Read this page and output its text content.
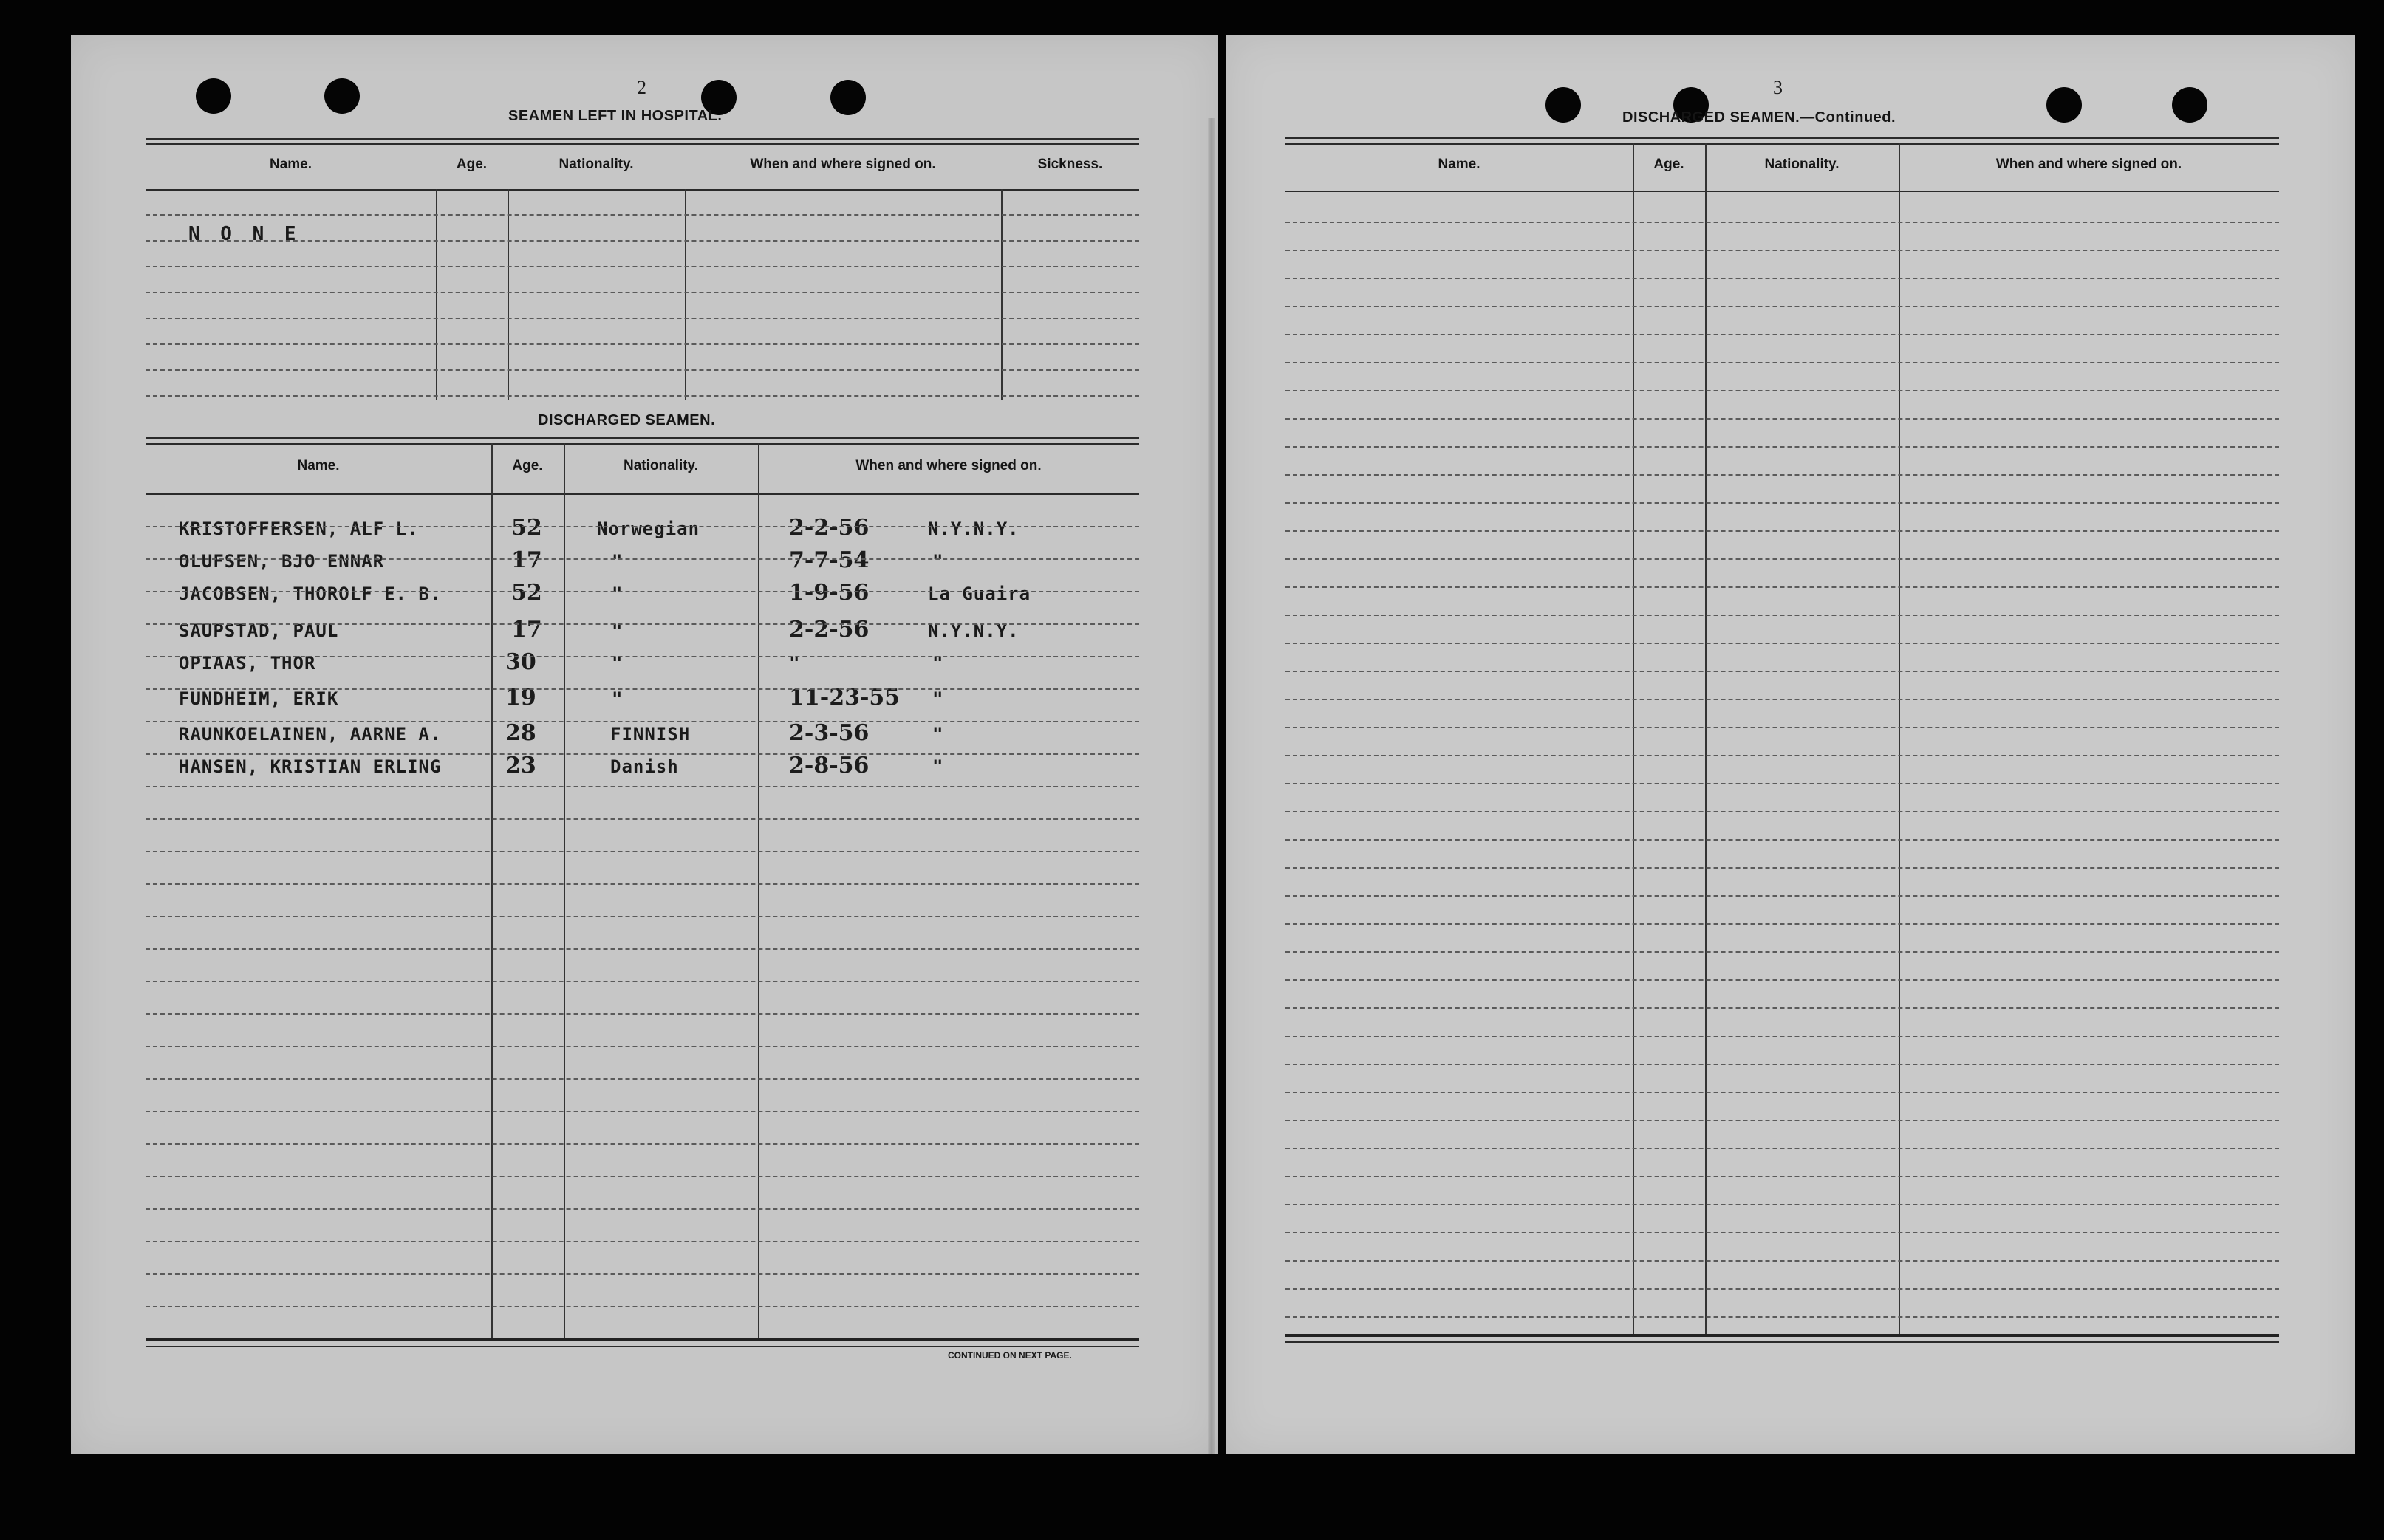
2
SEAMEN LEFT IN HOSPITAL.
Name.	Age.	Nationality.	When and where signed on.	Sickness.
N O N E
DISCHARGED SEAMEN.
Name.	Age.	Nationality.	When and where signed on.
KRISTOFFERSEN, ALF L.	52	Norwegian	2-2-56	N.Y.N.Y.
OLUFSEN, BJO ENNAR	17	"	7-7-54	"
JACOBSEN, THOROLF E. B.	52	"	1-9-56	La Guaira
SAUPSTAD, PAUL	17	"	2-2-56	N.Y.N.Y.
OPIAAS, THOR	30	"	"	"
FUNDHEIM, ERIK	19	"	11-23-55 "
RAUNKOELAINEN, AARNE A.	28	FINNISH	2-3-56	"
HANSEN, KRISTIAN ERLING	23	Danish	2-8-56	"
CONTINUED ON NEXT PAGE.
3
DISCHARGED SEAMEN.—Continued.
Name.	Age.	Nationality.	When and where signed on.
